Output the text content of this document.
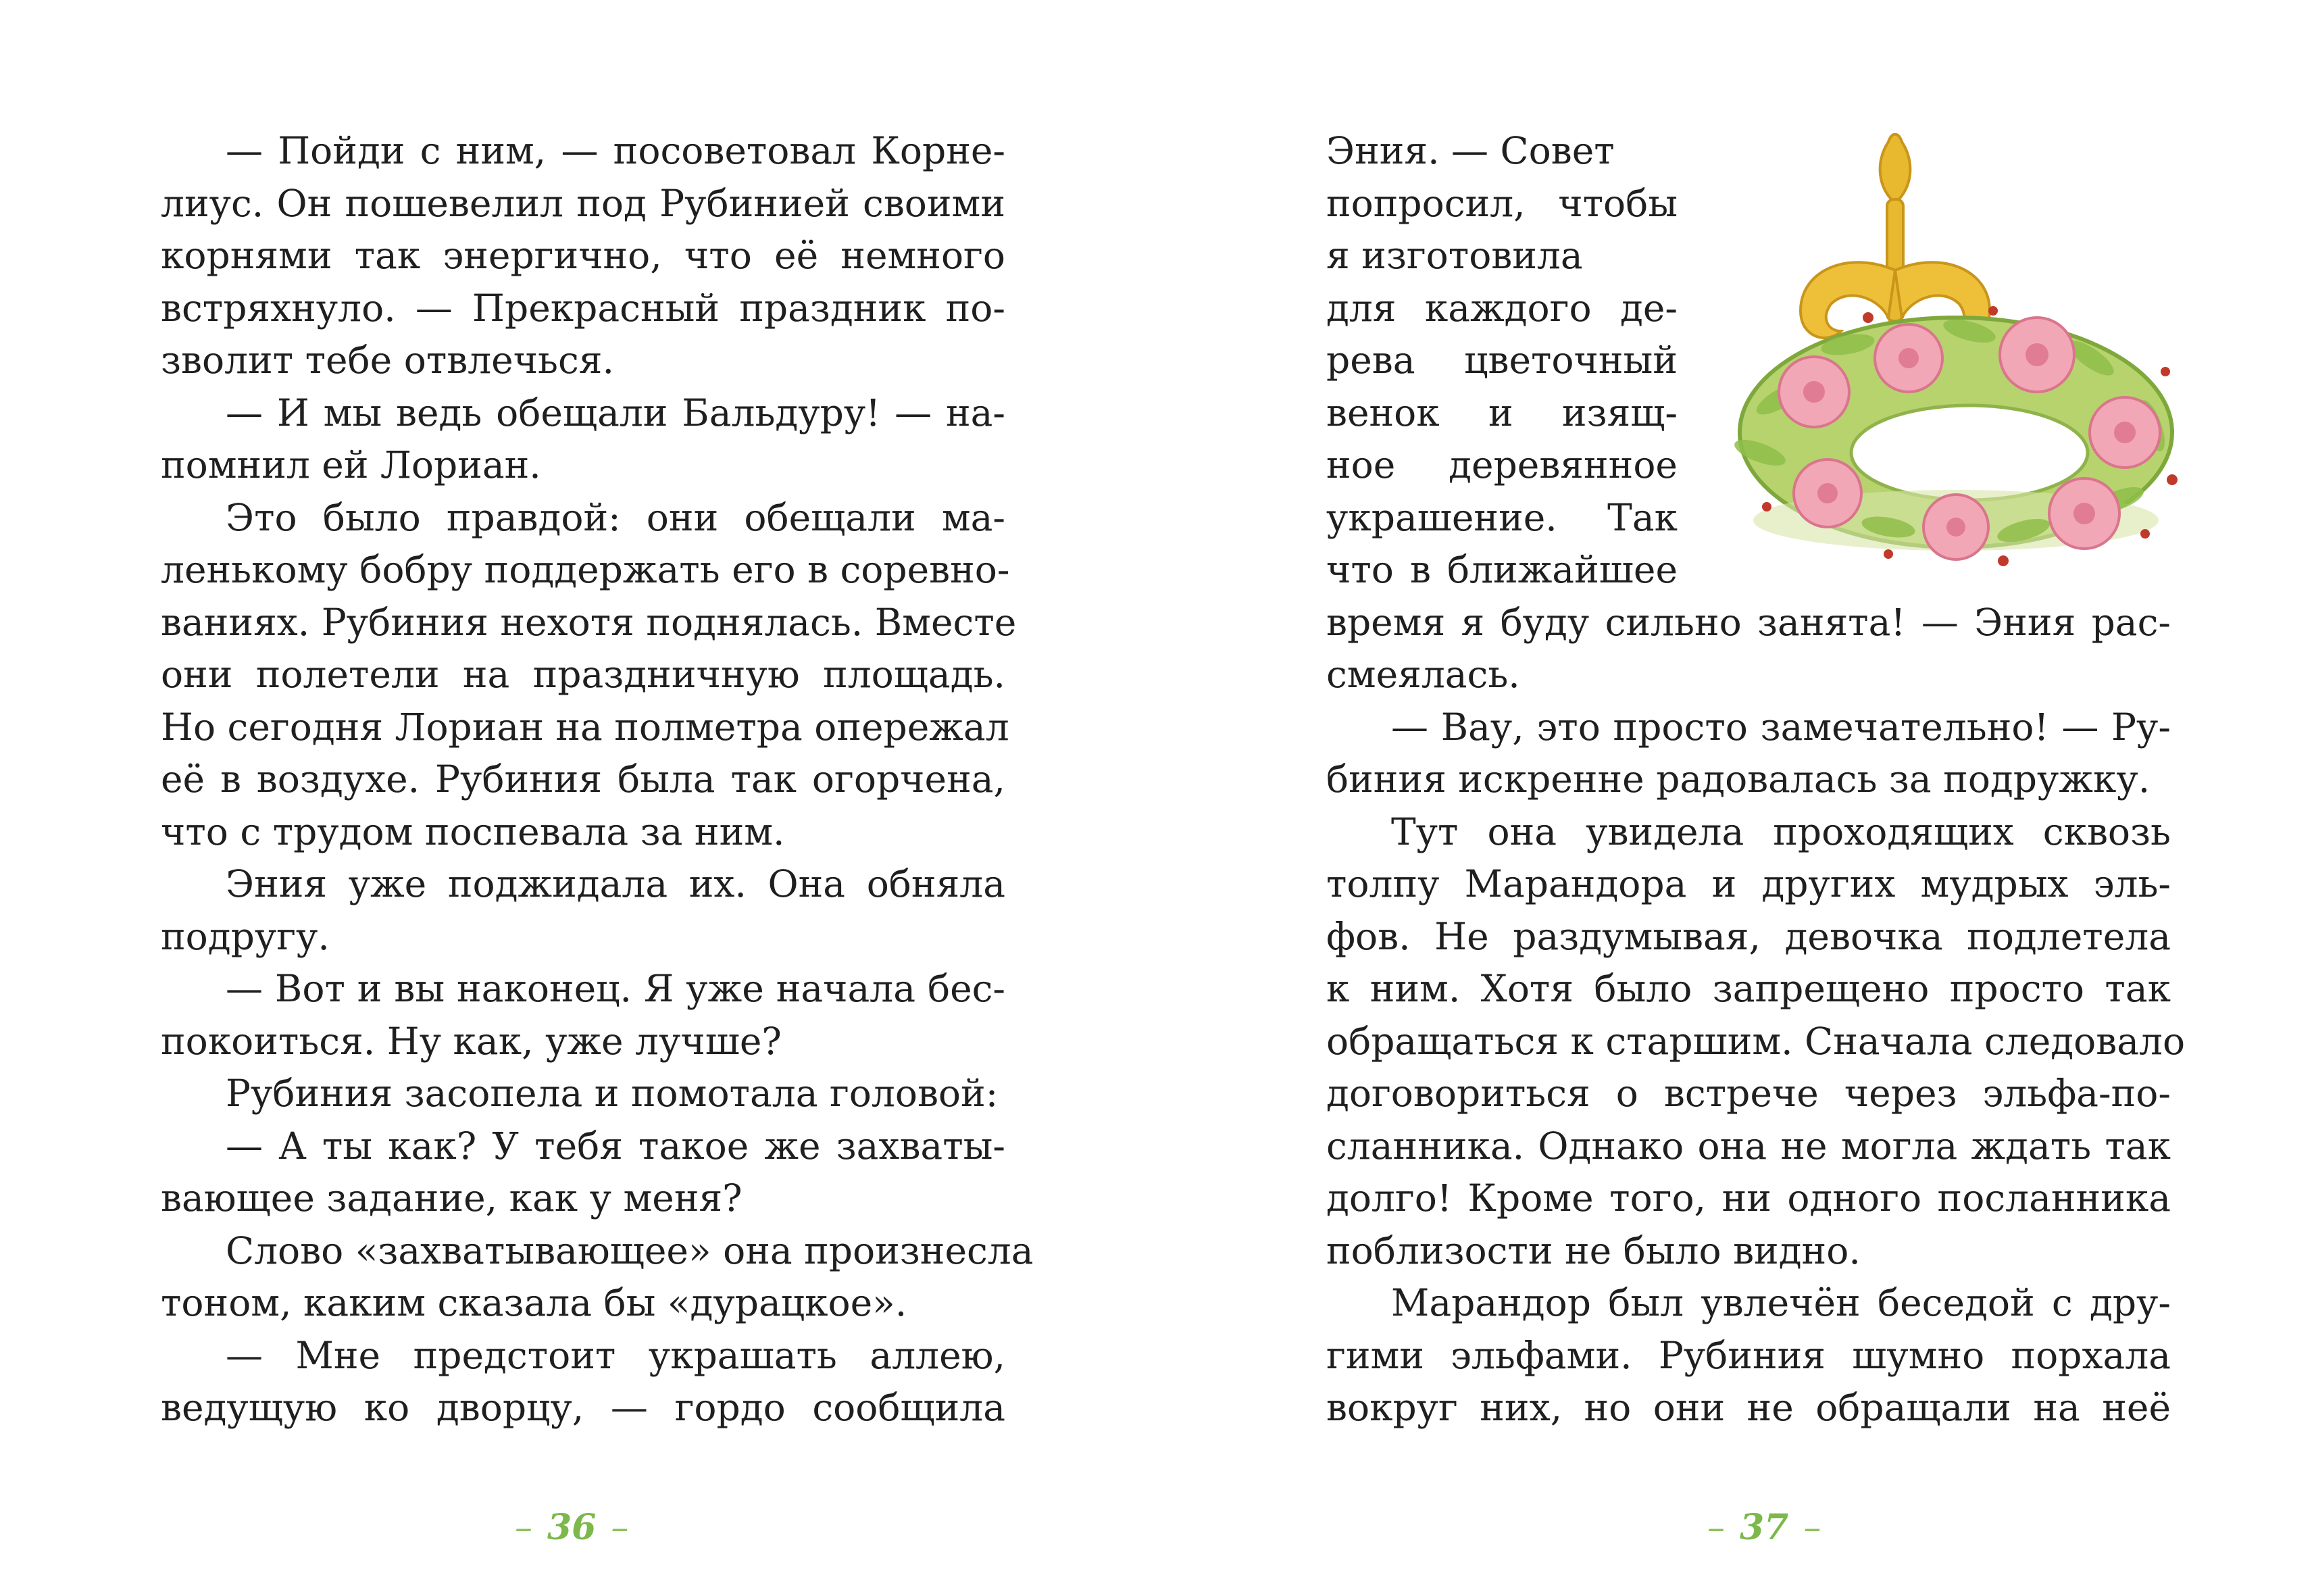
— Пойди с ним, — посоветовал Корне-
лиус. Он пошевелил под Рубинией своими
корнями так энергично, что её немного
встряхнуло. — Прекрасный праздник по-
зволит тебе отвлечься.
— И мы ведь обещали Бальдуру! — на-
помнил ей Лориан.
Это было правдой: они обещали ма-
ленькому бобру поддержать его в соревно-
ваниях. Рубиния нехотя поднялась. Вместе
они полетели на праздничную площадь.
Но сегодня Лориан на полметра опережал
её в воздухе. Рубиния была так огорчена,
что с трудом поспевала за ним.
Эния уже поджидала их. Она обняла
подругу.
— Вот и вы наконец. Я уже начала бес-
покоиться. Ну как, уже лучше?
Рубиния засопела и помотала головой:
— А ты как? У тебя такое же захваты-
вающее задание, как у меня?
Слово «захватывающее» она произнесла
тоном, каким сказала бы «дурацкое».
— Мне предстоит украшать аллею,
ведущую ко дворцу, — гордо сообщила
– 36 –
Эния. — Совет
попросил, чтобы
я изготовила
для каждого де-
рева цветочный
венок и изящ-
ное деревянное
украшение. Так
что в ближайшее
время я буду сильно занята! — Эния рас-
смеялась.
— Вау, это просто замечательно! — Ру-
биния искренне радовалась за подружку.
Тут она увидела проходящих сквозь
толпу Марандора и других мудрых эль-
фов. Не раздумывая, девочка подлетела
к ним. Хотя было запрещено просто так
обращаться к старшим. Сначала следовало
договориться о встрече через эльфа-по-
сланника. Однако она не могла ждать так
долго! Кроме того, ни одного посланника
поблизости не было видно.
Марандор был увлечён беседой с дру-
гими эльфами. Рубиния шумно порхала
вокруг них, но они не обращали на неё
– 37 –
